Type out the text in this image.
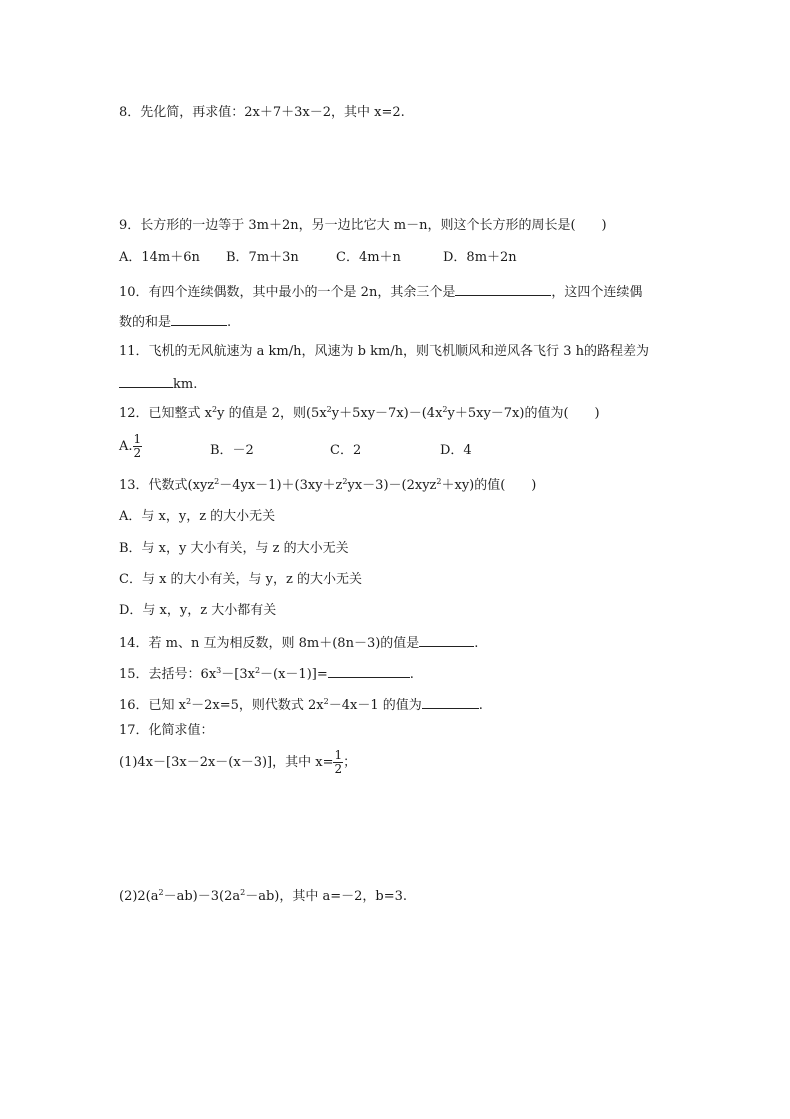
8．先化简，再求值：2x＋7＋3x－2，其中 x=2.
9．长方形的一边等于 3m＋2n，另一边比它大 m－n，则这个长方形的周长是(　　)
A．14m＋6n B．7m＋3n	C．4m＋n	D．8m＋2n
10．有四个连续偶数，其中最小的一个是 2n，其余三个是	，这四个连续偶
数的和是	.
11．飞机的无风航速为 a km/h，风速为 b km/h，则飞机顺风和逆风各飞行 3 h的路程差为
km.
12．已知整式 $x^2y$ 的值是 2，则$(5x^2y+5xy-7x)-(4x^2y+5xy-7x)$的值为(　　)
A. $\frac{1}{2}$	B．－2	C．2	D．4
13．代数式$(xyz^2-4yx-1)+(3xy+z^2yx-3)-(2xyz^2+xy)$的值(　　)
A．与 x，y，z 的大小无关
B．与 x，y 大小有关，与 z 的大小无关
C．与 x 的大小有关，与 y，z 的大小无关
D．与 x，y，z 大小都有关
14．若 m、n 互为相反数，则 8m＋(8n－3)的值是	.
15．去括号：$6x^3-[3x^2-(x-1)]=$	.
16．已知 $x^2-2x=5$，则代数式 $2x^2-4x-1$ 的值为	.
17．化简求值：
(1)4x－[3x－2x－(x－3)]，其中 $x= \frac{1}{2}$ ；
$(2)2(a^2-ab)-3(2a^2-ab)$，其中 a=－2，b=3.
